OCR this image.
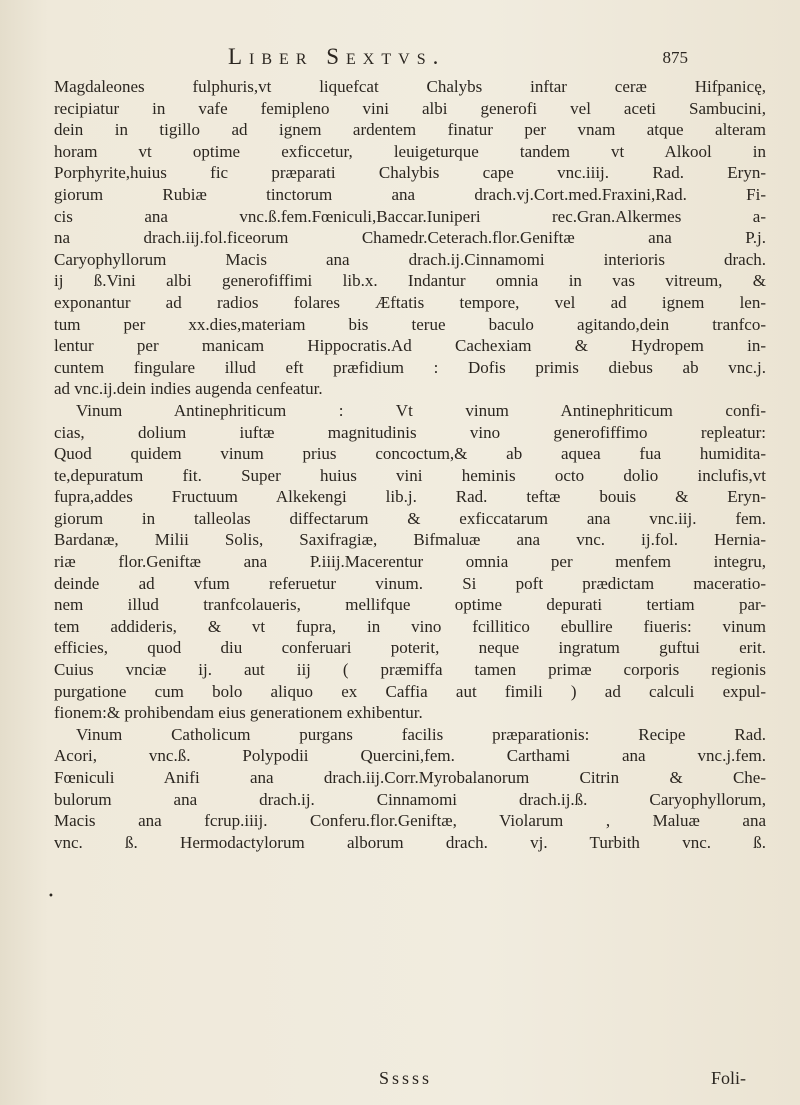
Liber Sextvs.	875
Magdaleones fulphuris,vt liquefcat Chalybs inftar ceræ Hifpanicę,
recipiatur in vafe femipleno vini albi generofi vel aceti Sambucini,
dein in tigillo ad ignem ardentem finatur per vnam atque alteram
horam vt optime exficcetur, leuigeturque tandem vt Alkool in
Porphyrite,huius fic præparati Chalybis cape vnc.iiij. Rad. Eryn-
giorum Rubiæ tinctorum ana drach.vj.Cort.med.Fraxini,Rad. Fi-
cis ana vnc.ß.fem.Fœniculi,Baccar.Iuniperi rec.Gran.Alkermes a-
na drach.iij.fol.ficeorum Chamedr.Ceterach.flor.Geniftæ ana P.j.
Caryophyllorum Macis ana drach.ij.Cinnamomi interioris drach.
ij ß.Vini albi generofiffimi lib.x. Indantur omnia in vas vitreum, &
exponantur ad radios folares Æftatis tempore, vel ad ignem len-
tum per xx.dies,materiam bis terue baculo agitando,dein tranfco-
lentur per manicam Hippocratis.Ad Cachexiam & Hydropem in-
cuntem fingulare illud eft præfidium : Dofis primis diebus ab vnc.j.
ad vnc.ij.dein indies augenda cenfeatur.
Vinum Antinephriticum : Vt vinum Antinephriticum confi-
cias, dolium iuftæ magnitudinis vino generofiffimo repleatur:
Quod quidem vinum prius concoctum,& ab aquea fua humidita-
te,depuratum fit. Super huius vini heminis octo dolio inclufis,vt
fupra,addes Fructuum Alkekengi lib.j. Rad. teftæ bouis & Eryn-
giorum in talleolas diffectarum & exficcatarum ana vnc.iij. fem.
Bardanæ, Milii Solis, Saxifragiæ, Bifmaluæ ana vnc. ij.fol. Hernia-
riæ flor.Geniftæ ana P.iiij.Macerentur omnia per menfem integru,
deinde ad vfum referuetur vinum. Si poft prædictam maceratio-
nem illud tranfcolaueris, mellifque optime depurati tertiam par-
tem addideris, & vt fupra, in vino fcillitico ebullire fiueris: vinum
efficies, quod diu conferuari poterit, neque ingratum guftui erit.
Cuius vnciæ ij. aut iij ( præmiffa tamen primæ corporis regionis
purgatione cum bolo aliquo ex Caffia aut fimili ) ad calculi expul-
fionem:& prohibendam eius generationem exhibentur.
Vinum Catholicum purgans facilis præparationis: Recipe Rad.
Acori, vnc.ß. Polypodii Quercini,fem. Carthami ana vnc.j.fem.
Fœniculi Anifi ana drach.iij.Corr.Myrobalanorum Citrin & Che-
bulorum ana drach.ij. Cinnamomi drach.ij.ß. Caryophyllorum,
Macis ana fcrup.iiij. Conferu.flor.Geniftæ, Violarum , Maluæ ana
vnc. ß. Hermodactylorum alborum drach. vj. Turbith vnc. ß.
•
Sssss	Foli-
